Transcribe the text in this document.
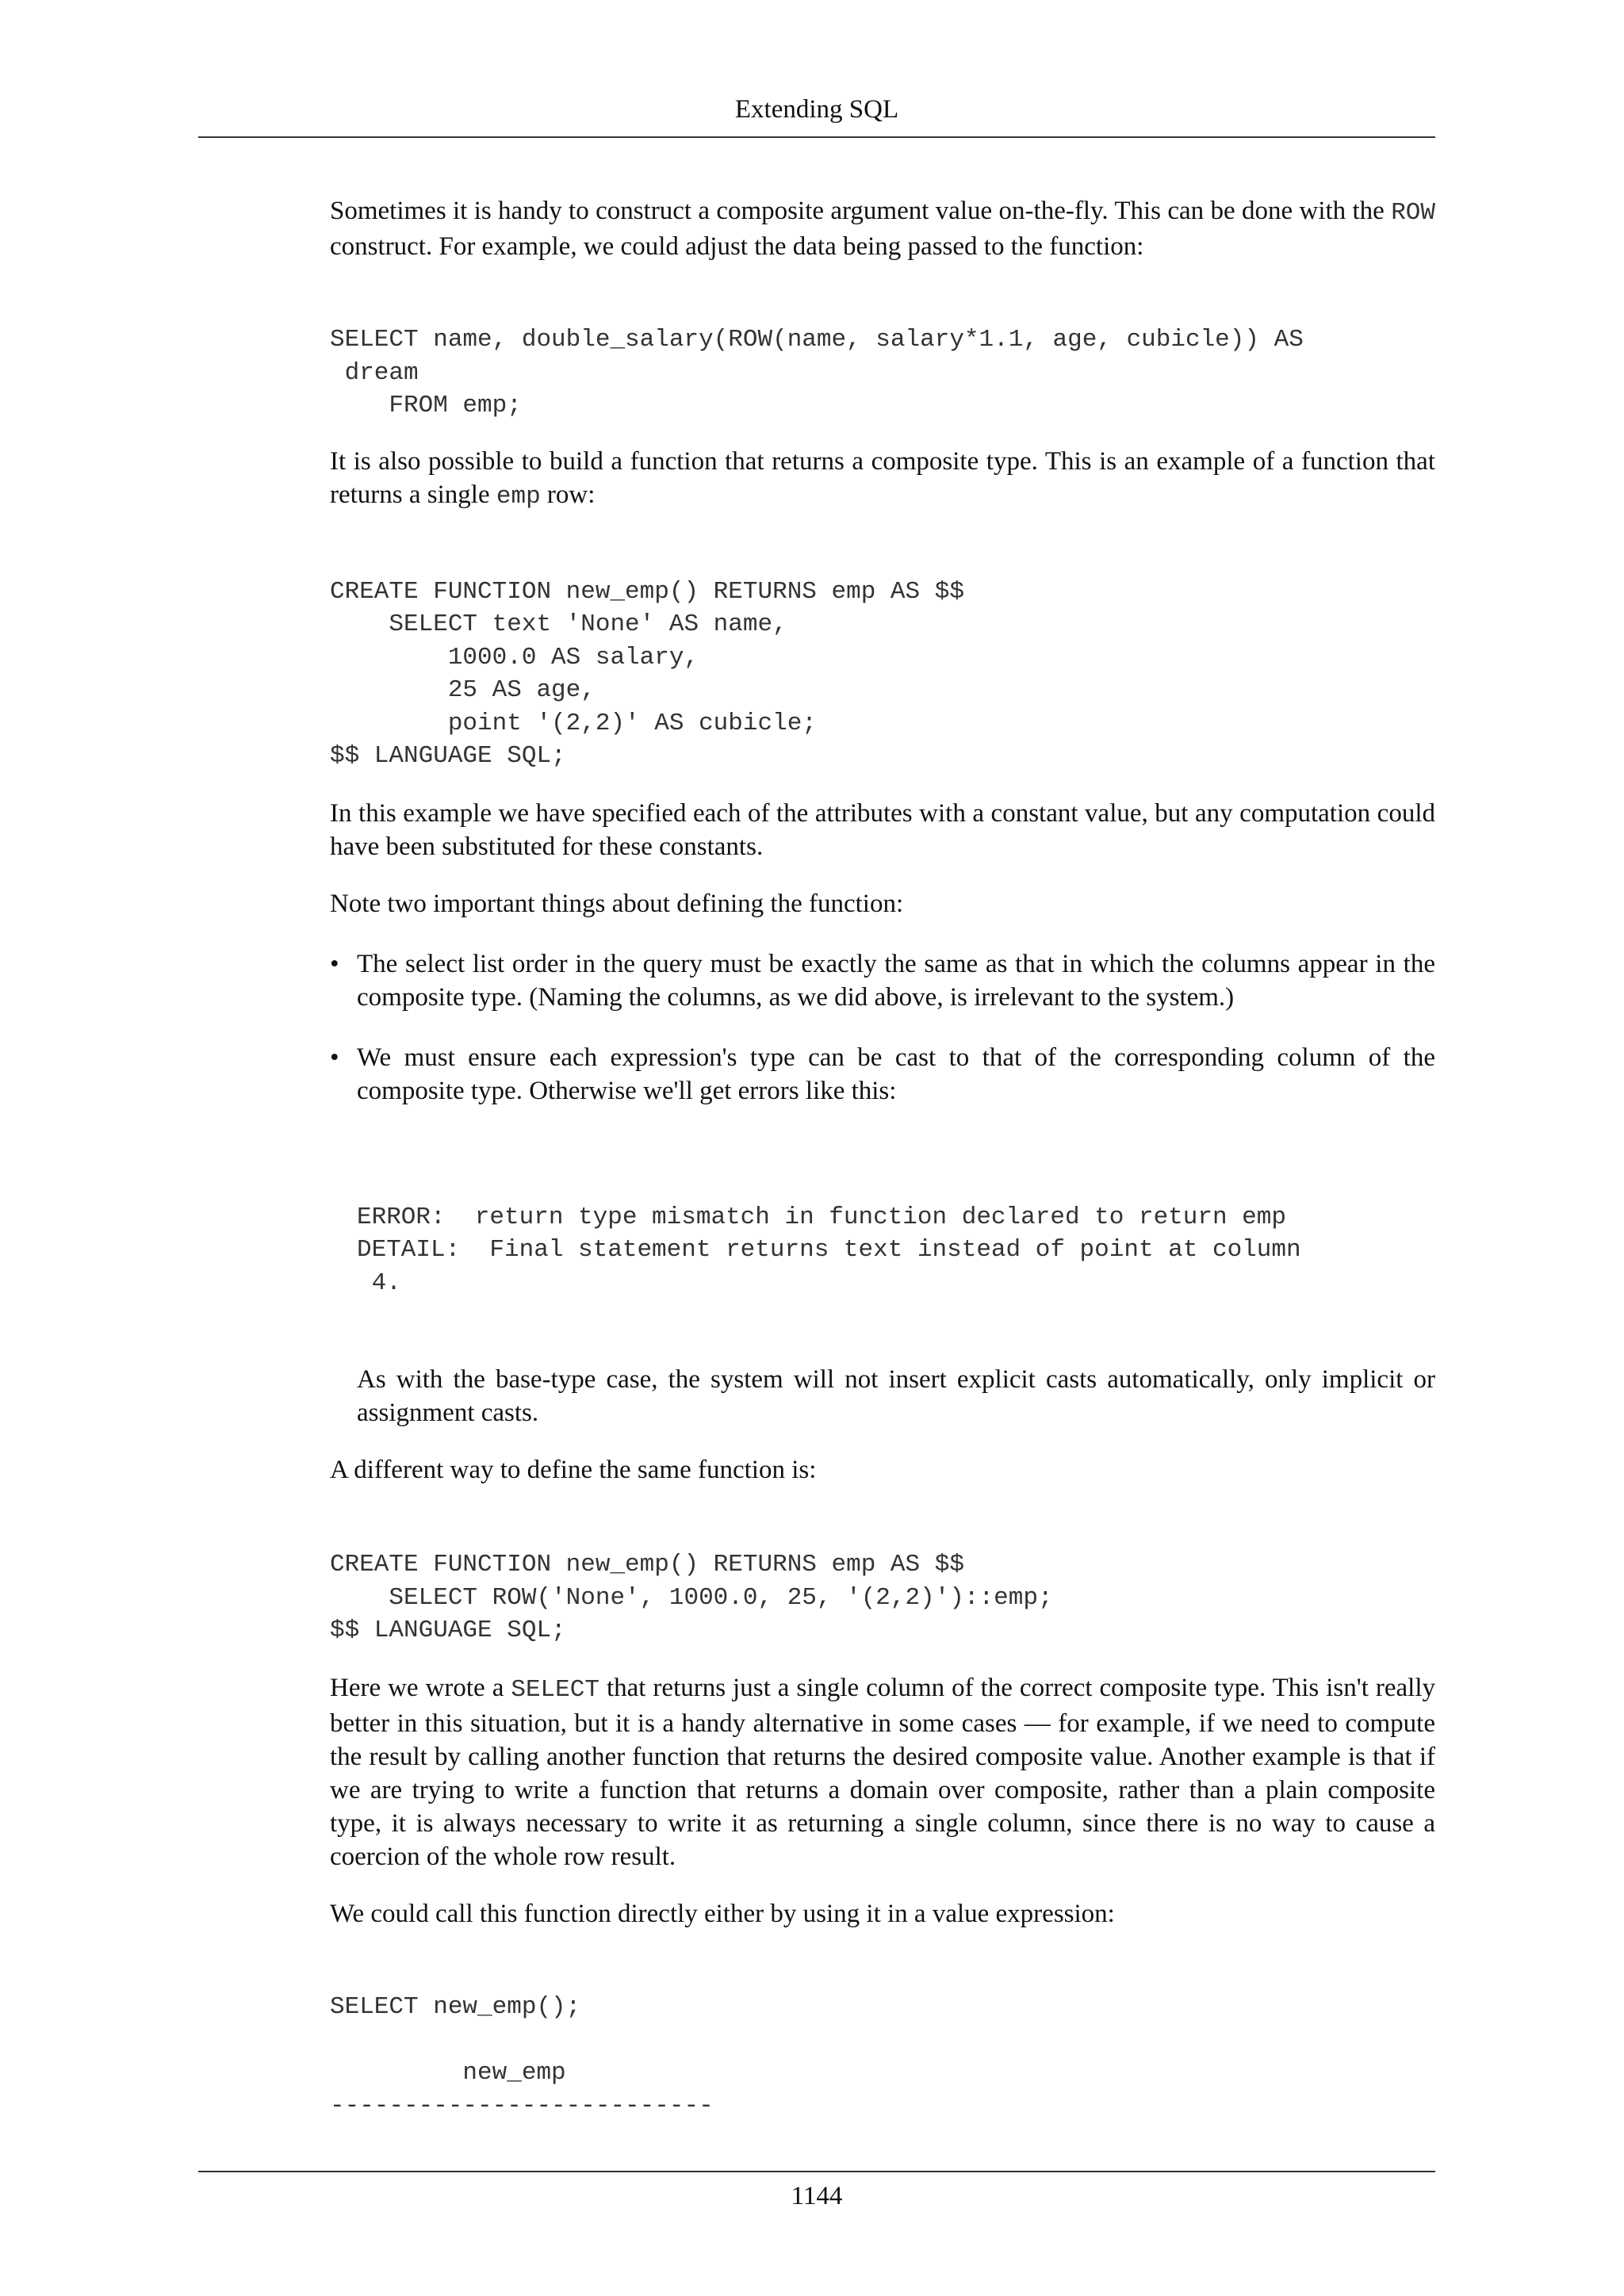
Extending SQL

Sometimes it is handy to construct a composite argument value on-the-fly. This can be done with the ROW construct. For example, we could adjust the data being passed to the function:

SELECT name, double_salary(ROW(name, salary*1.1, age, cubicle)) AS
dream
FROM emp;

It is also possible to build a function that returns a composite type. This is an example of a function that returns a single emp row:

CREATE FUNCTION new_emp() RETURNS emp AS $$
SELECT text 'None' AS name,
1000.0 AS salary,
25 AS age,
point '(2,2)' AS cubicle;
$$ LANGUAGE SQL;

In this example we have specified each of the attributes with a constant value, but any computation could have been substituted for these constants.

Note two important things about defining the function:

• The select list order in the query must be exactly the same as that in which the columns appear in the composite type. (Naming the columns, as we did above, is irrelevant to the system.)

• We must ensure each expression's type can be cast to that of the corresponding column of the composite type. Otherwise we'll get errors like this:

ERROR:  return type mismatch in function declared to return emp
DETAIL:  Final statement returns text instead of point at column
4.

As with the base-type case, the system will not insert explicit casts automatically, only implicit or assignment casts.

A different way to define the same function is:

CREATE FUNCTION new_emp() RETURNS emp AS $$
SELECT ROW('None', 1000.0, 25, '(2,2)')::emp;
$$ LANGUAGE SQL;

Here we wrote a SELECT that returns just a single column of the correct composite type. This isn't really better in this situation, but it is a handy alternative in some cases — for example, if we need to compute the result by calling another function that returns the desired composite value. Another example is that if we are trying to write a function that returns a domain over composite, rather than a plain composite type, it is always necessary to write it as returning a single column, since there is no way to cause a coercion of the whole row result.

We could call this function directly either by using it in a value expression:

SELECT new_emp();
new_emp
--------------------------
1144
